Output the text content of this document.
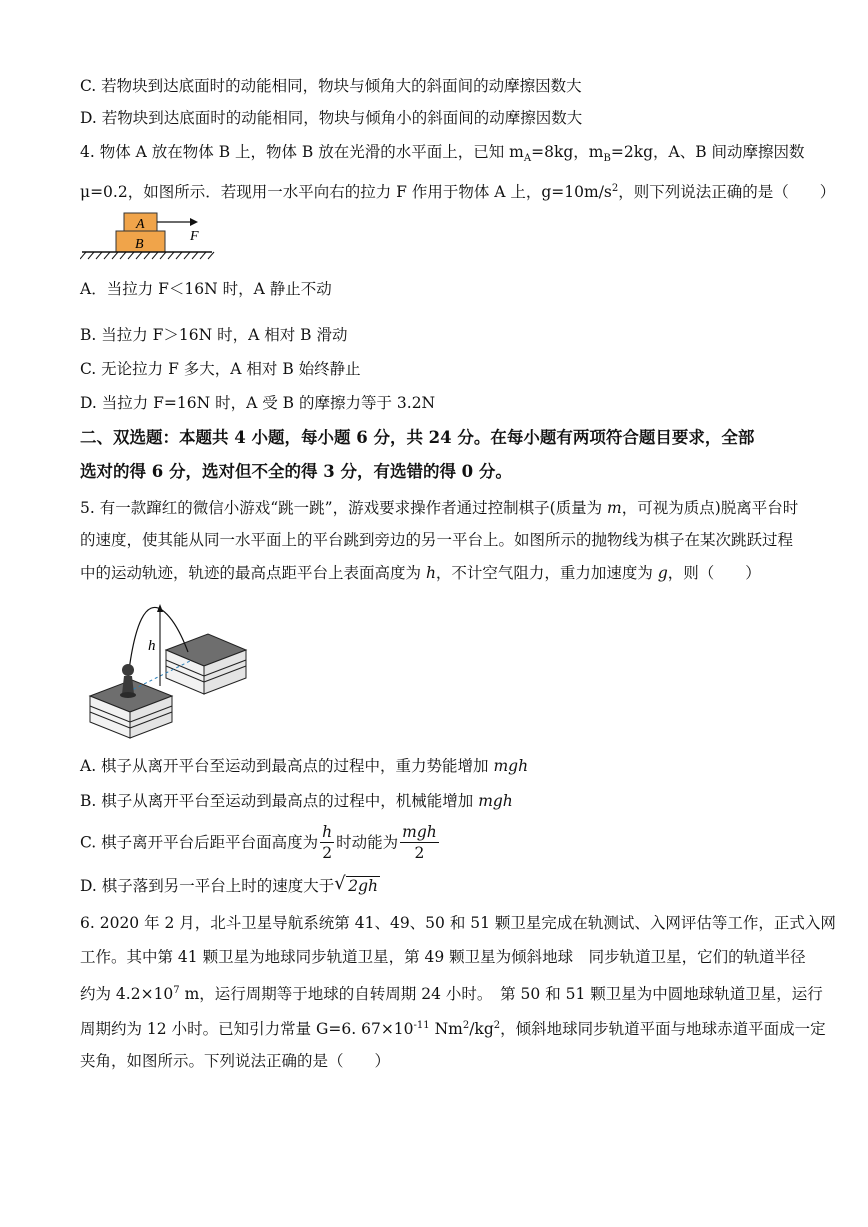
C. 若物块到达底面时的动能相同，物块与倾角大的斜面间的动摩擦因数大
D. 若物块到达底面时的动能相同，物块与倾角小的斜面间的动摩擦因数大
4. 物体 A 放在物体 B 上，物体 B 放在光滑的水平面上，已知 $m_A=8kg$，$m_B=2kg$，A、B 间动摩擦因数
μ=0.2，如图所示．若现用一水平向右的拉力 F 作用于物体 A 上，$g=10m/s^2$，则下列说法正确的是（　　）
A
B
F
A．当拉力 F＜16N 时，A 静止不动
B. 当拉力 F＞16N 时，A 相对 B 滑动
C. 无论拉力 F 多大，A 相对 B 始终静止
D. 当拉力 F=16N 时，A 受 B 的摩擦力等于 3.2N
二、双选题：本题共 4 小题，每小题 6 分，共 24 分。在每小题有两项符合题目要求，全部
选对的得 6 分，选对但不全的得 3 分，有选错的得 0 分。
5. 有一款蹿红的微信小游戏“跳一跳”，游戏要求操作者通过控制棋子(质量为 m，可视为质点)脱离平台时
的速度，使其能从同一水平面上的平台跳到旁边的另一平台上。如图所示的抛物线为棋子在某次跳跃过程
中的运动轨迹，轨迹的最高点距平台上表面高度为 h，不计空气阻力，重力加速度为 g，则（　　）
h
A. 棋子从离开平台至运动到最高点的过程中，重力势能增加 mgh
B. 棋子从离开平台至运动到最高点的过程中，机械能增加 mgh
C. 棋子离开平台后距平台面高度为 $\frac{h}{2}$ 时动能为 $\frac{\text{mgh}}{2}$
D. 棋子落到另一平台上时的速度大于 √ 2gh
6. 2020 年 2 月，北斗卫星导航系统第 41、49、50 和 51 颗卫星完成在轨测试、入网评估等工作，正式入网
工作。其中第 41 颗卫星为地球同步轨道卫星，第 49 颗卫星为倾斜地球　同步轨道卫星，它们的轨道半径
约为 $4.2\times 10^7$ m，运行周期等于地球的自转周期 24 小时。　第 50 和 51 颗卫星为中圆地球轨道卫星，运行
周期约为 12 小时。已知引力常量 G=6. $67\times 10^{-11}$ $Nm^2/kg^2$，倾斜地球同步轨道平面与地球赤道平面成一定
夹角，如图所示。下列说法正确的是（　　）
